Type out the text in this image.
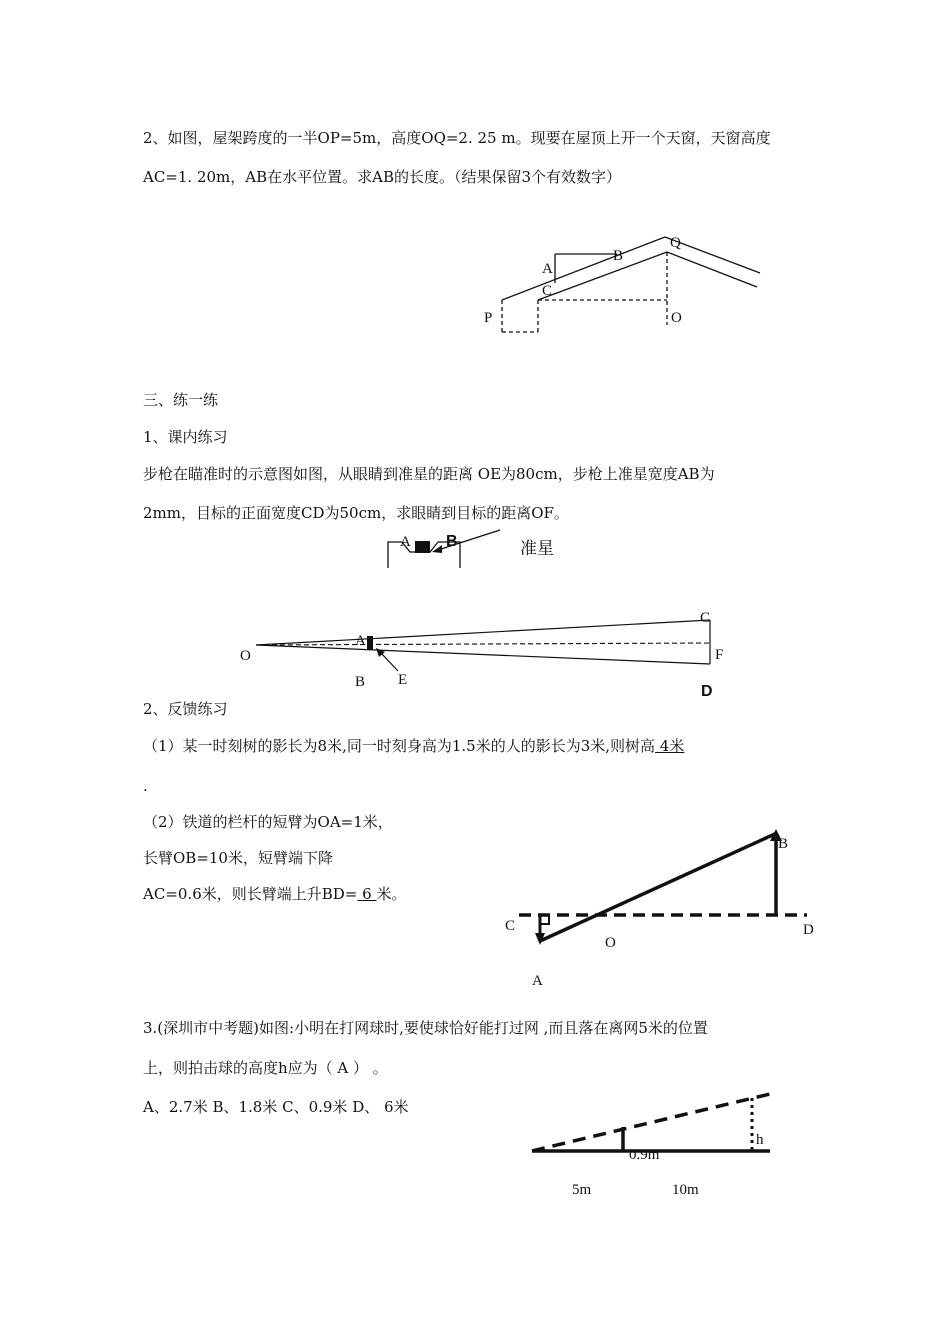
2、如图，屋架跨度的一半OP=5m，高度OQ=2. 25 m。现要在屋顶上开一个天窗，天窗高度
AC=1. 20m，AB在水平位置。求AB的长度。（结果保留3个有效数字）
A
B
C
P	O
Q
三、练一练
1、课内练习
步枪在瞄准时的示意图如图，从眼睛到准星的距离 OE为80cm，步枪上准星宽度AB为
2mm，目标的正面宽度CD为50cm，求眼睛到目标的距离OF。
A B	准星
O
A
B E
C
F
D
2、反馈练习
（1）某一时刻树的影长为8米,同一时刻身高为1.5米的人的影长为3米,则树高 4米
.
（2）铁道的栏杆的短臂为OA=1米，
长臂OB=10米，短臂端下降
AC=0.6米，则长臂端上升BD= 6 米。
B
C	D
O
A
3.(深圳市中考题)如图:小明在打网球时,要使球恰好能打过网 ,而且落在离网5米的位置
上，则拍击球的高度h应为（ A ） 。
A、2.7米 B、1.8米 C、0.9米 D、 6米
0.9m
h
5m	10m
